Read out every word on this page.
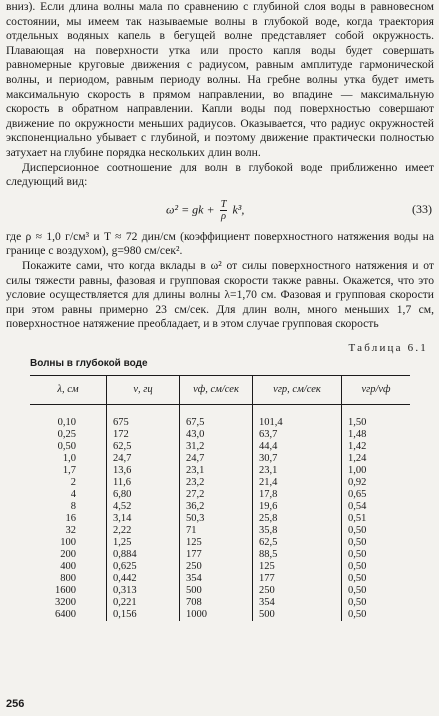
вниз). Если длина волны мала по сравнению с глубиной слоя воды в равновесном состоянии, мы имеем так называемые волны в глубокой воде, когда траектория отдельных водяных капель в бегущей волне представляет собой окружность. Плавающая на поверхности утка или просто капля воды будет совершать равномерные круговые движения с радиусом, равным амплитуде гармонической волны, и периодом, равным периоду волны. На гребне волны утка будет иметь максимальную скорость в прямом направлении, во впадине — максимальную скорость в обратном направлении. Капли воды под поверхностью совершают движение по окружности меньших радиусов. Оказывается, что радиус окружностей экспоненциально убывает с глубиной, и поэтому движение практически полностью затухает на глубине порядка нескольких длин волн.

Дисперсионное соотношение для волн в глубокой воде приближенно имеет следующий вид:

ω² = gk + $\frac{T}{\rho} k^3$,	(33)

где ρ ≈ 1,0 г/см³ и T ≈ 72 дин/см (коэффициент поверхностного натяжения воды на границе с воздухом), g=980 см/сек².

Покажите сами, что когда вклады в ω² от силы поверхностного натяжения и от силы тяжести равны, фазовая и групповая скорости также равны. Окажется, что это условие осуществляется для длины волны λ=1,70 см. Фазовая и групповая скорости при этом равны примерно 23 см/сек. Для длин волн, много меньших 1,7 см, поверхностное натяжение преобладает, и в этом случае групповая скорость

Таблица 6.1
Волны в глубокой воде
λ, см	ν, гц	vф, см/сек	vгр, см/сек	vгр/vф

0,10	675	67,5	101,4	1,50
0,25	172	43,0	63,7	1,48
0,50	62,5	31,2	44,4	1,42
1,0	24,7	24,7	30,7	1,24
1,7	13,6	23,1	23,1	1,00
2	11,6	23,2	21,4	0,92
4	6,80	27,2	17,8	0,65
8	4,52	36,2	19,6	0,54
16	3,14	50,3	25,8	0,51
32	2,22	71	35,8	0,50
100	1,25	125	62,5	0,50
200	0,884	177	88,5	0,50
400	0,625	250	125	0,50
800	0,442	354	177	0,50
1600	0,313	500	250	0,50
3200	0,221	708	354	0,50
6400	0,156	1000	500	0,50
256
